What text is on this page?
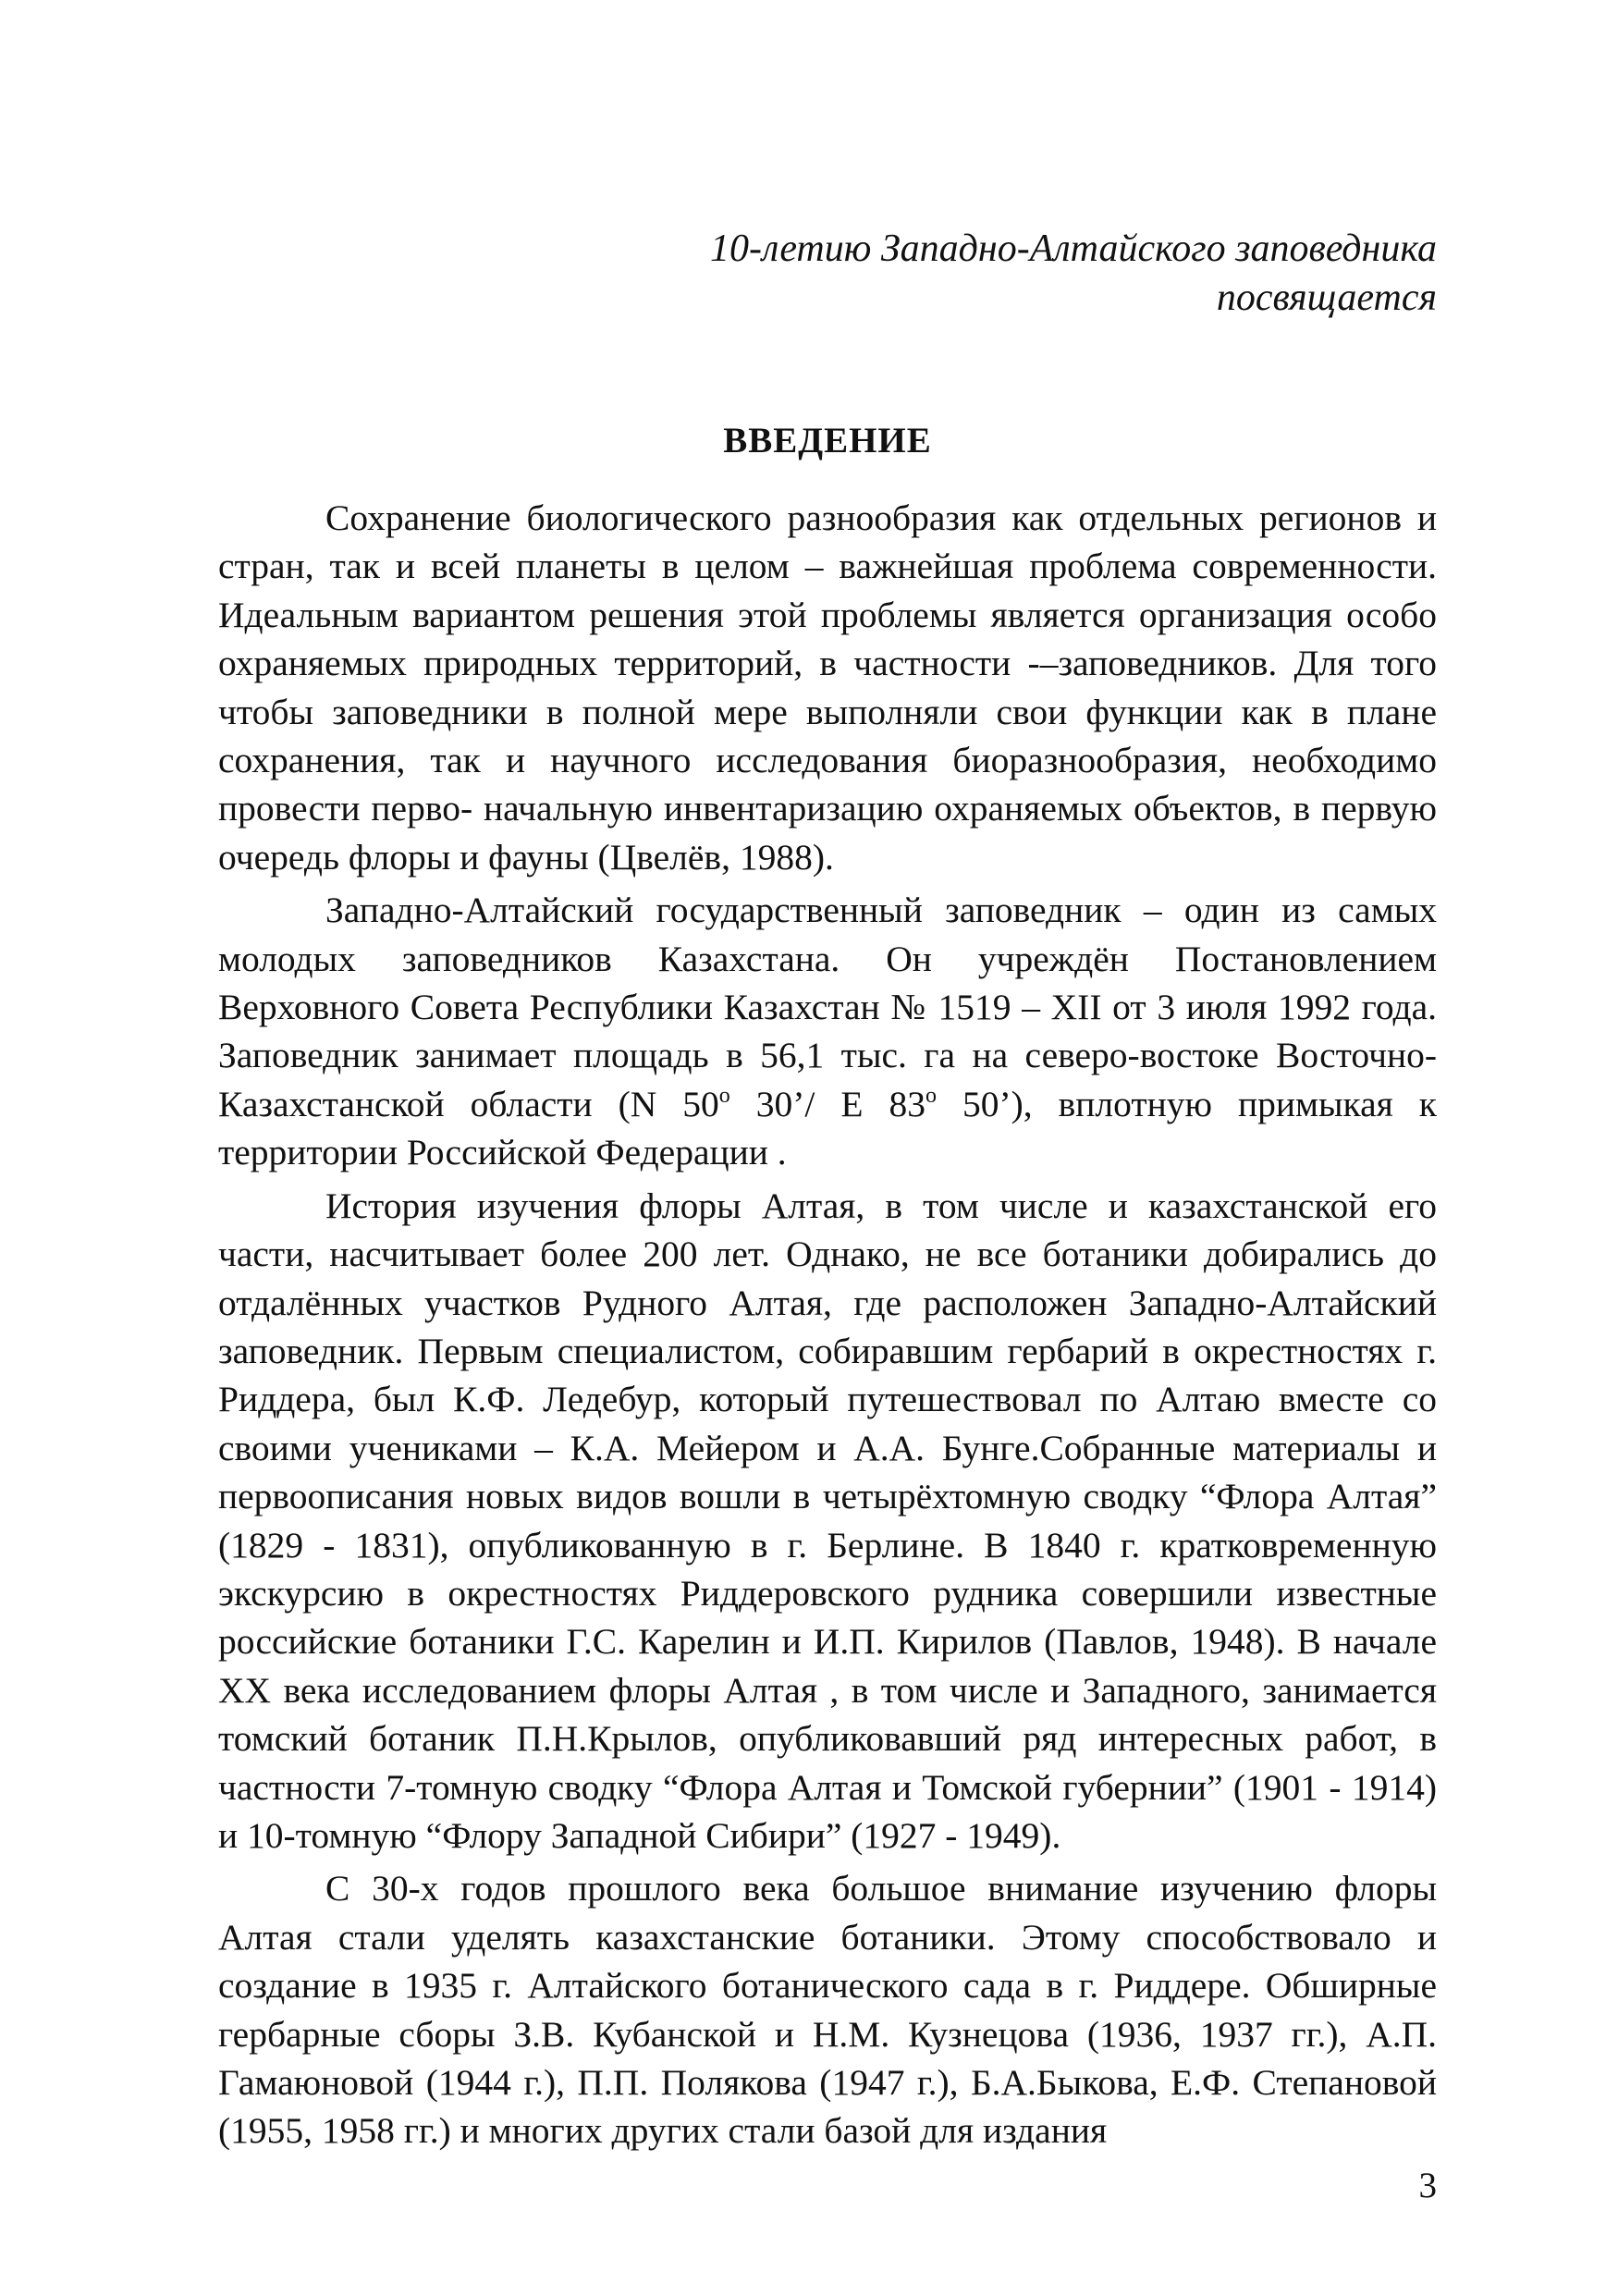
10-летию Западно-Алтайского заповедника
посвящается
ВВЕДЕНИЕ

Сохранение биологического разнообразия как отдельных регионов и стран, так и всей планеты в целом – важнейшая проблема современности. Идеальным вариантом решения этой проблемы является организация особо охраняемых природных территорий, в частности -–заповедников. Для того чтобы заповедники в полной мере выполняли свои функции как в плане сохранения, так и научного исследования биоразнообразия, необходимо провести перво- начальную инвентаризацию охраняемых объектов, в первую очередь флоры и фауны (Цвелёв, 1988).

Западно-Алтайский государственный заповедник – один из самых молодых заповедников Казахстана. Он учреждён Постановлением Верховного Совета Республики Казахстан № 1519 – XII от 3 июля 1992 года. Заповедник занимает площадь в 56,1 тыс. га на северо-востоке Восточно-Казахстанской области (N $50^о$ 30’/ E $83^о$ 50’), вплотную примыкая к территории Российской Федерации .

История изучения флоры Алтая, в том числе и казахстанской его части, насчитывает более 200 лет. Однако, не все ботаники добирались до отдалённых участков Рудного Алтая, где расположен Западно-Алтайский заповедник. Первым специалистом, собиравшим гербарий в окрестностях г. Риддера, был К.Ф. Ледебур, который путешествовал по Алтаю вместе со своими учениками – К.А. Мейером и А.А. Бунге.Собранные материалы и первоописания новых видов вошли в четырёхтомную сводку “Флора Алтая” (1829 - 1831), опубликованную в г. Берлине. В 1840 г. кратковременную экскурсию в окрестностях Риддеровского рудника совершили известные российские ботаники Г.С. Карелин и И.П. Кирилов (Павлов, 1948). В начале XX века исследованием флоры Алтая , в том числе и Западного, занимается томский ботаник П.Н.Крылов, опубликовавший ряд интересных работ, в частности 7-томную сводку “Флора Алтая и Томской губернии” (1901 - 1914) и 10-томную “Флору Западной Сибири” (1927 - 1949).

С 30-х годов прошлого века большое внимание изучению флоры Алтая стали уделять казахстанские ботаники. Этому способствовало и создание в 1935 г. Алтайского ботанического сада в г. Риддере. Обширные гербарные сборы З.В. Кубанской и Н.М. Кузнецова (1936, 1937 гг.), А.П. Гамаюновой (1944 г.), П.П. Полякова (1947 г.), Б.А.Быкова, Е.Ф. Степановой (1955, 1958 гг.) и многих других стали базой для издания

3
